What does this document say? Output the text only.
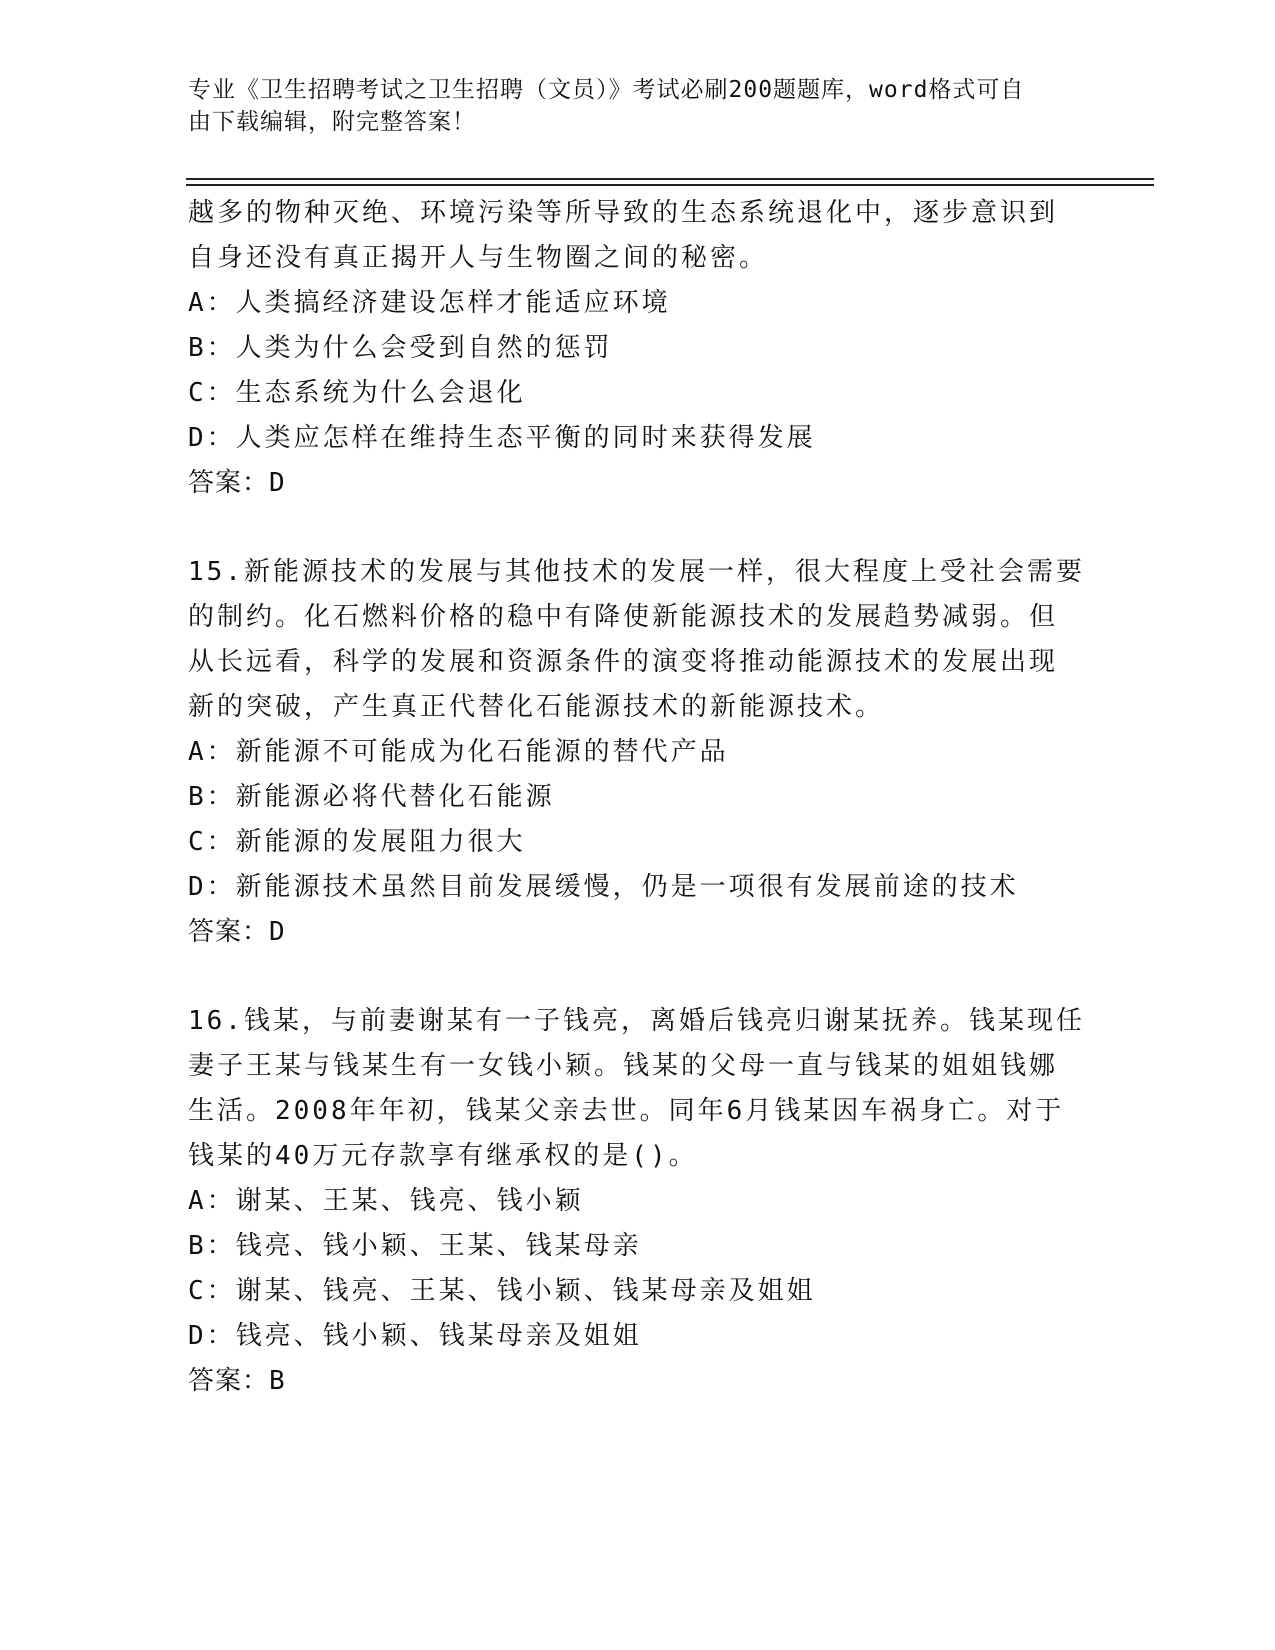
专业《卫生招聘考试之卫生招聘（文员）》考试必刷200题题库，word格式可自
由下载编辑，附完整答案！
越多的物种灭绝、环境污染等所导致的生态系统退化中，逐步意识到
自身还没有真正揭开人与生物圈之间的秘密。
A：人类搞经济建设怎样才能适应环境
B：人类为什么会受到自然的惩罚
C：生态系统为什么会退化
D：人类应怎样在维持生态平衡的同时来获得发展
答案：D
15.新能源技术的发展与其他技术的发展一样，很大程度上受社会需要
的制约。化石燃料价格的稳中有降使新能源技术的发展趋势减弱。但
从长远看，科学的发展和资源条件的演变将推动能源技术的发展出现
新的突破，产生真正代替化石能源技术的新能源技术。
A：新能源不可能成为化石能源的替代产品
B：新能源必将代替化石能源
C：新能源的发展阻力很大
D：新能源技术虽然目前发展缓慢，仍是一项很有发展前途的技术
答案：D
16.钱某，与前妻谢某有一子钱亮，离婚后钱亮归谢某抚养。钱某现任
妻子王某与钱某生有一女钱小颖。钱某的父母一直与钱某的姐姐钱娜
生活。2008年年初，钱某父亲去世。同年6月钱某因车祸身亡。对于
钱某的40万元存款享有继承权的是()。
A：谢某、王某、钱亮、钱小颖
B：钱亮、钱小颖、王某、钱某母亲
C：谢某、钱亮、王某、钱小颖、钱某母亲及姐姐
D：钱亮、钱小颖、钱某母亲及姐姐
答案：B
